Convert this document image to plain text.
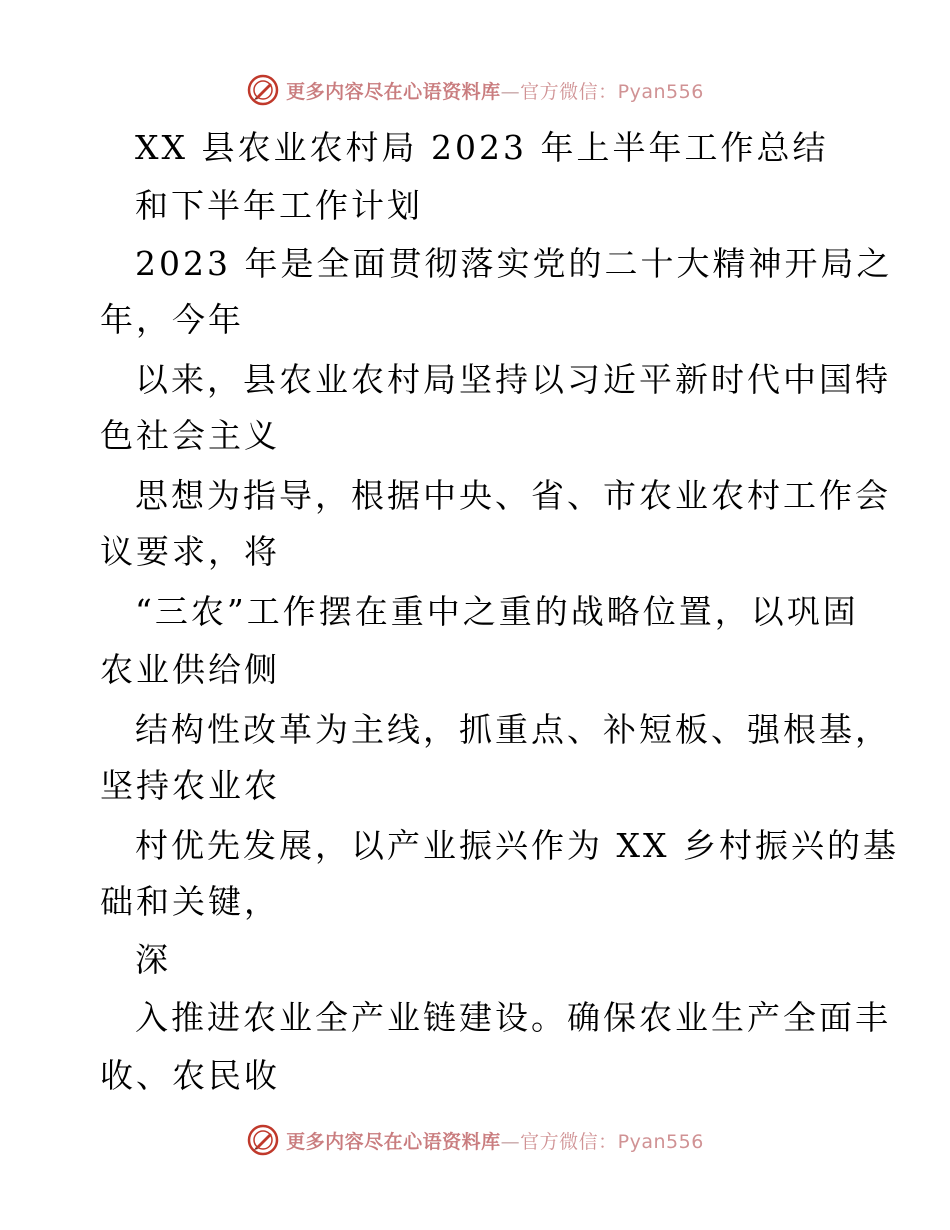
更多内容尽在心语资料库—官方微信：Pyan556
XX 县农业农村局 2023 年上半年工作总结
和下半年工作计划
2023 年是全面贯彻落实党的二十大精神开局之
年，今年
以来，县农业农村局坚持以习近平新时代中国特
色社会主义
思想为指导，根据中央、省、市农业农村工作会
议要求，将
“三农”工作摆在重中之重的战略位置，以巩固
农业供给侧
结构性改革为主线，抓重点、补短板、强根基，
坚持农业农
村优先发展，以产业振兴作为 XX 乡村振兴的基
础和关键，
深
入推进农业全产业链建设。确保农业生产全面丰
收、农民收
更多内容尽在心语资料库—官方微信：Pyan556
